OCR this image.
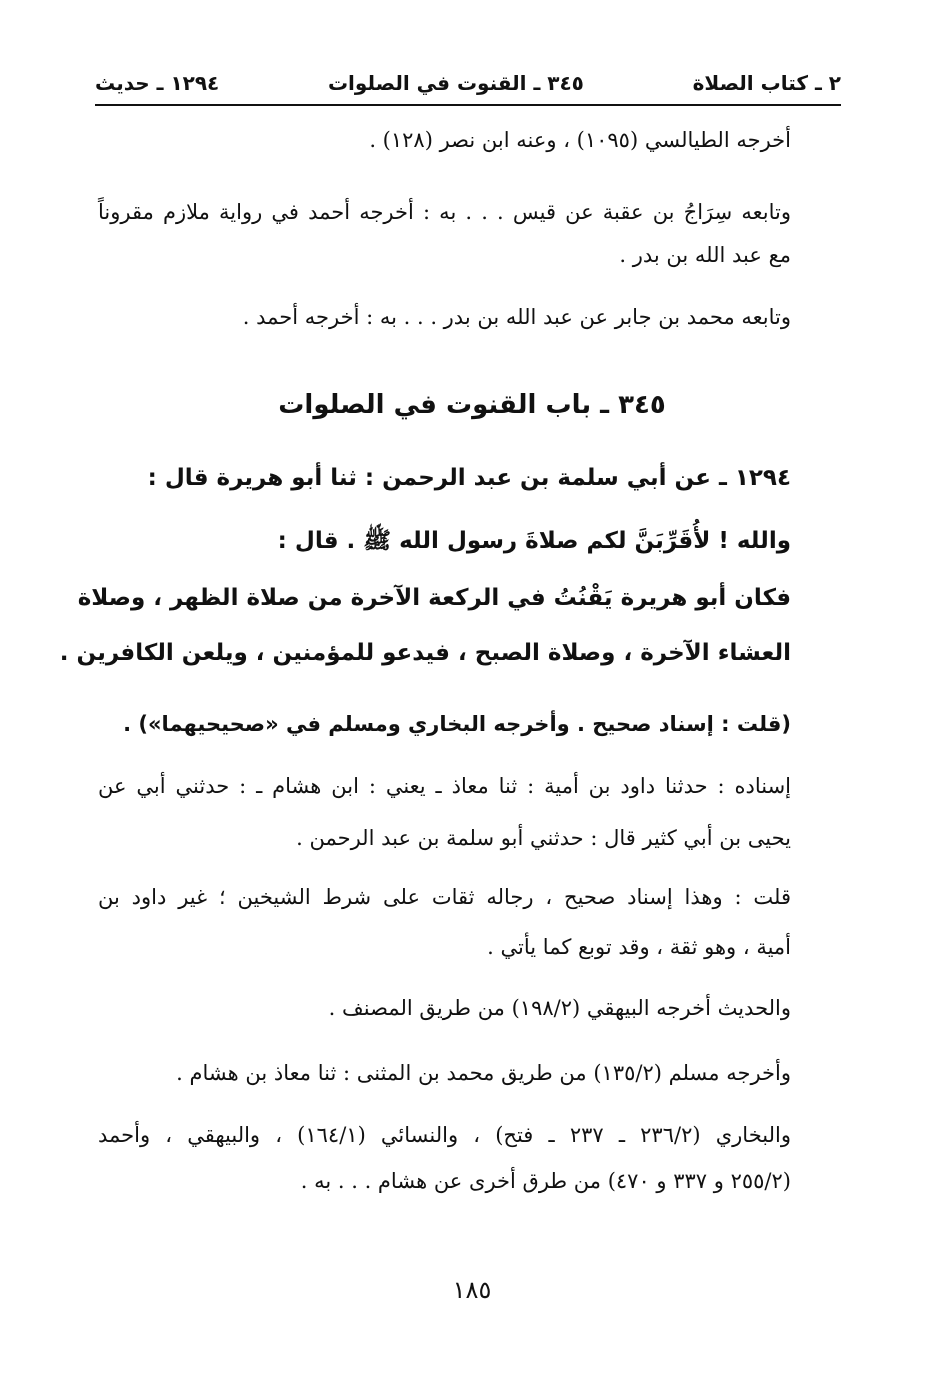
٢ ـ كتاب الصلاة
٣٤٥ ـ القنوت في الصلوات
١٢٩٤ ـ حديث
أخرجه الطيالسي (١٠٩٥) ، وعنه ابن نصر (١٢٨) .
وتابعه سِرَاجُ بن عقبة عن قيس . . . به : أخرجه أحمد في رواية ملازم مقروناً
مع عبد الله بن بدر .
وتابعه محمد بن جابر عن عبد الله بن بدر . . . به : أخرجه أحمد .
٣٤٥ ـ باب القنوت في الصلوات
١٢٩٤ ـ عن أبي سلمة بن عبد الرحمن : ثنا أبو هريرة قال :
والله ! لأُقَرِّبَنَّ لكم صلاةَ رسول الله ﷺ . قال :
فكان أبو هريرة يَقْنُتُ في الركعة الآخرة من صلاة الظهر ، وصلاة
العشاء الآخرة ، وصلاة الصبح ، فيدعو للمؤمنين ، ويلعن الكافرين .
(قلت : إسناد صحيح . وأخرجه البخاري ومسلم في «صحيحيهما») .
إسناده : حدثنا داود بن أمية : ثنا معاذ ـ يعني : ابن هشام ـ : حدثني أبي عن
يحيى بن أبي كثير قال : حدثني أبو سلمة بن عبد الرحمن .
قلت : وهذا إسناد صحيح ، رجاله ثقات على شرط الشيخين ؛ غير داود بن
أمية ، وهو ثقة ، وقد توبع كما يأتي .
والحديث أخرجه البيهقي (١٩٨/٢) من طريق المصنف .
وأخرجه مسلم (١٣٥/٢) من طريق محمد بن المثنى : ثنا معاذ بن هشام .
والبخاري (٢٣٦/٢ ـ ٢٣٧ ـ فتح) ، والنسائي (١٦٤/١) ، والبيهقي ، وأحمد
(٢٥٥/٢ و ٣٣٧ و ٤٧٠) من طرق أخرى عن هشام . . . به .
١٨٥
